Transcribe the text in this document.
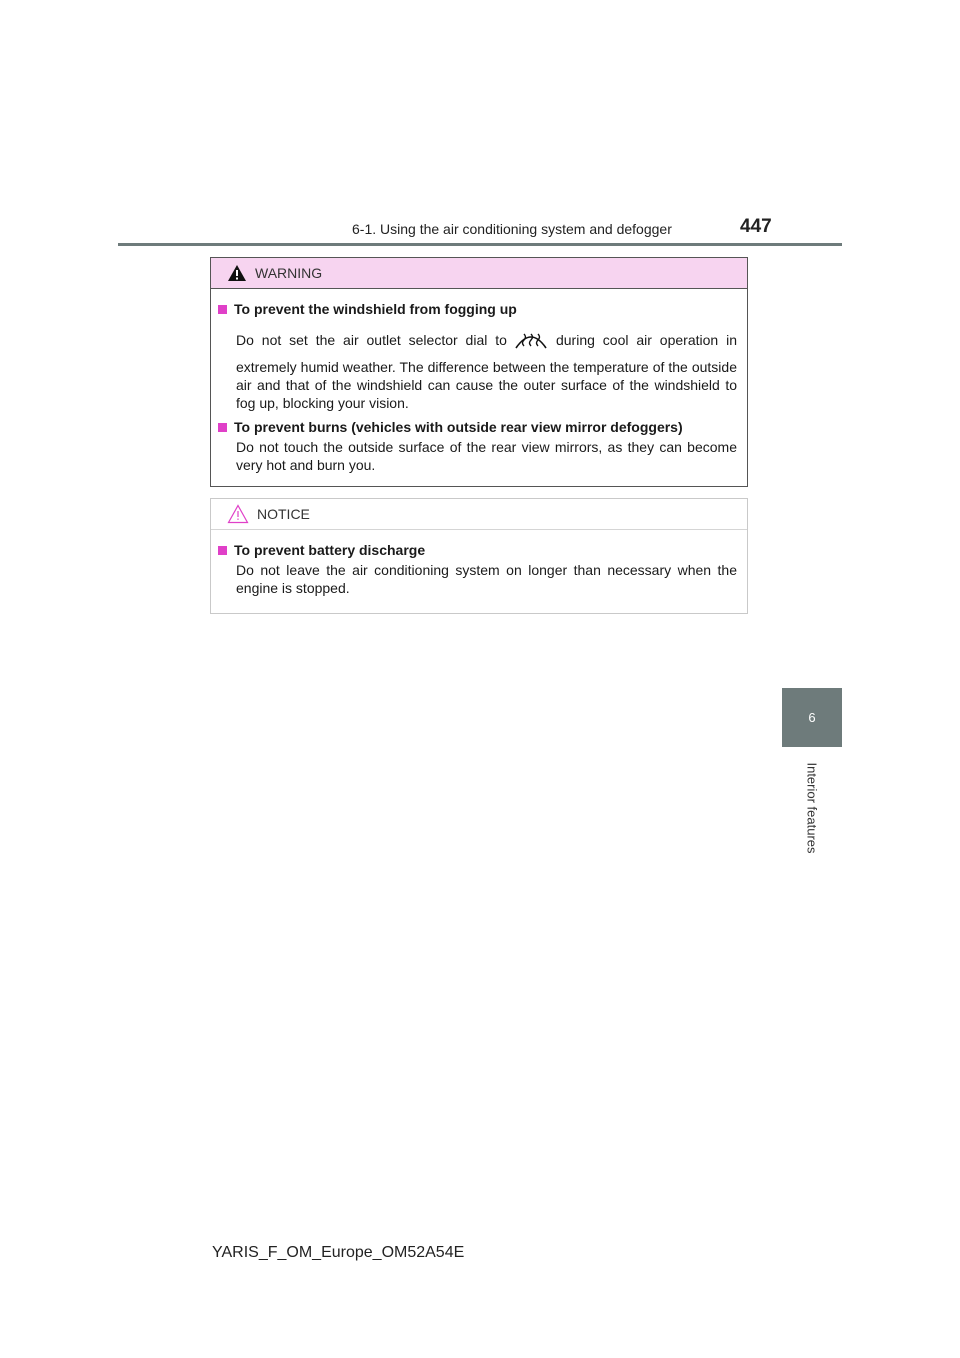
6-1. Using the air conditioning system and defogger	447
6
Interior features
WARNING
To prevent the windshield from fogging up
Do not set the air outlet selector dial to	during cool air operation in

extremely humid weather. The difference between the temperature of the outside air and that of the windshield can cause the outer surface of the windshield to fog up, blocking your vision.

To prevent burns (vehicles with outside rear view mirror defoggers)

Do not touch the outside surface of the rear view mirrors, as they can become very hot and burn you.

NOTICE
To prevent battery discharge

Do not leave the air conditioning system on longer than necessary when the engine is stopped.

YARIS_F_OM_Europe_OM52A54E
